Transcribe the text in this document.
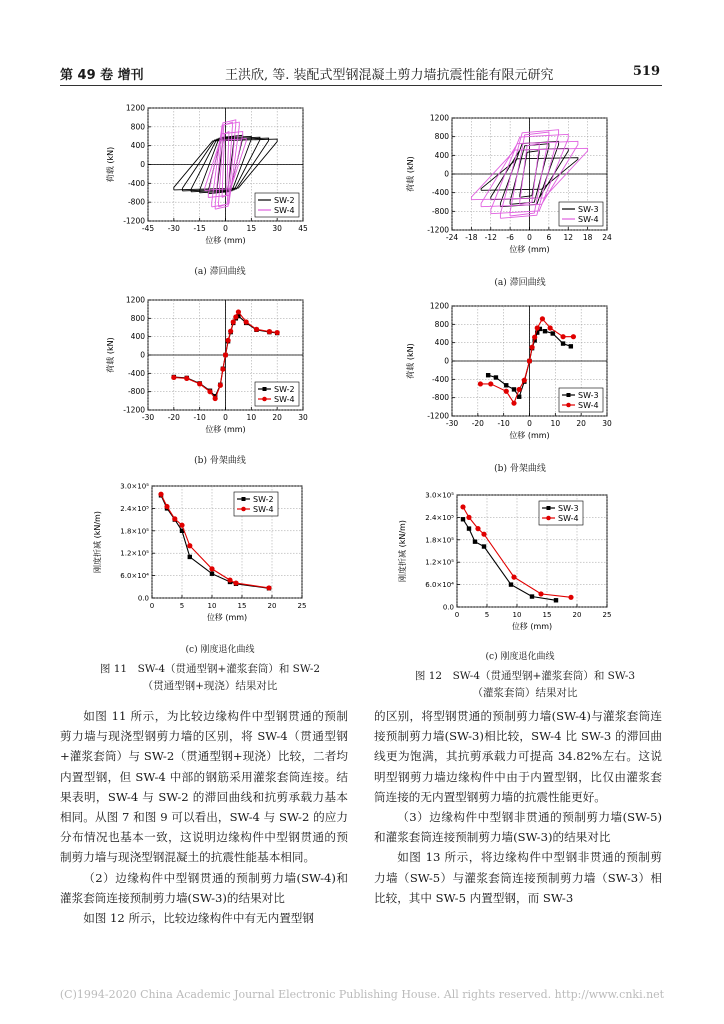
第 49 卷 增刊	王洪欣, 等. 装配式型钢混凝土剪力墙抗震性能有限元研究	519
-45 -30 -15 0 15 30 45
-1200
-800
-400
0
400
800
1200
位移 (mm)
荷载 (kN)
SW-2
SW-4
(a) 滞回曲线
-30 -20 -10 0 10 20 30
-1200
-800
-400
0
400
800
1200
位移 (mm)
荷载 (kN)
SW-2
SW-4
(b) 骨架曲线
0	5	10	15	20	25
0.0
6.0×10⁴
1.2×10⁵
1.8×10⁵
2.4×10⁵
3.0×10⁵
位移 (mm)
刚度折减 (kN/m)
SW-2
SW-4
(c) 刚度退化曲线
图 11　SW-4（贯通型钢+灌浆套筒）和 SW-2
（贯通型钢+现浇）结果对比
-24 -18 -12 -6 0 6 12 18 24
-1200
-800
-400
0
400
800
1200
位移 (mm)
荷载 (kN)
SW-3
SW-4
(a) 滞回曲线
-30 -20 -10 0 10 20 30
-1200
-800
-400
0
400
800
1200
位移 (mm)
荷载 (kN)
SW-3
SW-4
(b) 骨架曲线
0	5	10	15	20	25
0.0
6.0×10⁴
1.2×10⁵
1.8×10⁵
2.4×10⁵
3.0×10⁵
位移 (mm)
刚度折减 (kN/m)
SW-3
SW-4
(c) 刚度退化曲线
图 12　SW-4（贯通型钢+灌浆套筒）和 SW-3
（灌浆套筒）结果对比

如图 11 所示，为比较边缘构件中型钢贯通的预制剪力墙与现浇型钢剪力墙的区别，将 SW-4（贯通型钢+灌浆套筒）与 SW-2（贯通型钢+现浇）比较，二者均内置型钢，但 SW-4 中部的钢筋采用灌浆套筒连接。结果表明，SW-4 与 SW-2 的滞回曲线和抗剪承载力基本相同。从图 7 和图 9 可以看出，SW-4 与 SW-2 的应力分布情况也基本一致，这说明边缘构件中型钢贯通的预制剪力墙与现浇型钢混凝土的抗震性能基本相同。

（2）边缘构件中型钢贯通的预制剪力墙(SW-4)和灌浆套筒连接预制剪力墙(SW-3)的结果对比

如图 12 所示，比较边缘构件中有无内置型钢

的区别，将型钢贯通的预制剪力墙(SW-4)与灌浆套筒连接预制剪力墙(SW-3)相比较，SW-4 比 SW-3 的滞回曲线更为饱满，其抗剪承载力可提高 34.82%左右。这说明型钢剪力墙边缘构件中由于内置型钢，比仅由灌浆套筒连接的无内置型钢剪力墙的抗震性能更好。

（3）边缘构件中型钢非贯通的预制剪力墙(SW-5)和灌浆套筒连接预制剪力墙(SW-3)的结果对比

如图 13 所示，将边缘构件中型钢非贯通的预制剪力墙（SW-5）与灌浆套筒连接预制剪力墙（SW-3）相比较，其中 SW-5 内置型钢，而 SW-3

(C)1994-2020 China Academic Journal Electronic Publishing House. All rights reserved. http://www.cnki.net
